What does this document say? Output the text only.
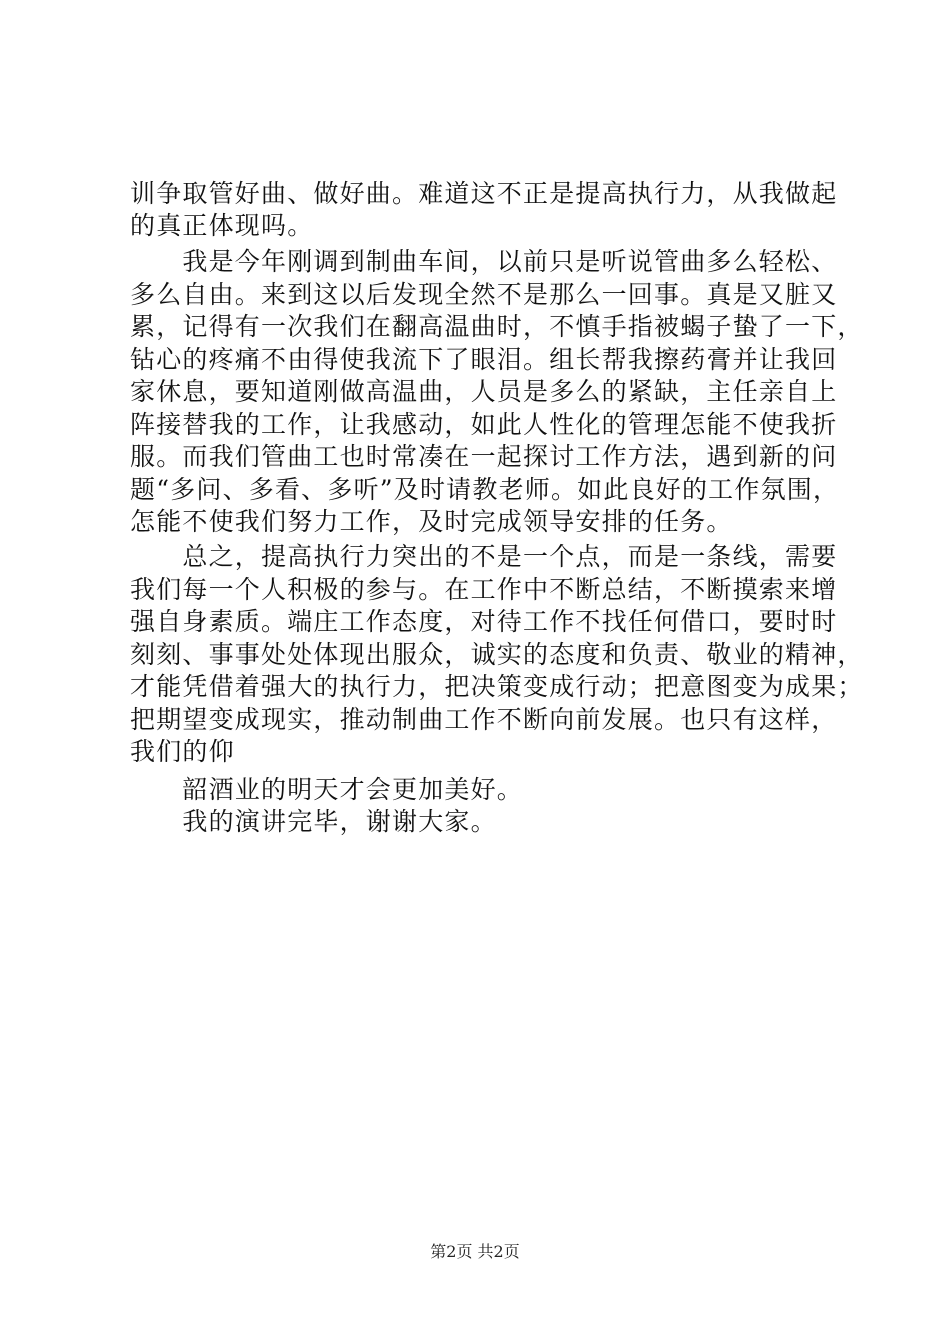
训争取管好曲、做好曲。难道这不正是提高执行力，从我做起
的真正体现吗。
　　我是今年刚调到制曲车间，以前只是听说管曲多么轻松、
多么自由。来到这以后发现全然不是那么一回事。真是又脏又
累，记得有一次我们在翻高温曲时，不慎手指被蝎子蛰了一下，
钻心的疼痛不由得使我流下了眼泪。组长帮我擦药膏并让我回
家休息，要知道刚做高温曲，人员是多么的紧缺，主任亲自上
阵接替我的工作，让我感动，如此人性化的管理怎能不使我折
服。而我们管曲工也时常凑在一起探讨工作方法，遇到新的问
题“多问、多看、多听”及时请教老师。如此良好的工作氛围，
怎能不使我们努力工作，及时完成领导安排的任务。
　　总之，提高执行力突出的不是一个点，而是一条线，需要
我们每一个人积极的参与。在工作中不断总结，不断摸索来增
强自身素质。端庄工作态度，对待工作不找任何借口，要时时
刻刻、事事处处体现出服众，诚实的态度和负责、敬业的精神，
才能凭借着强大的执行力，把决策变成行动；把意图变为成果；
把期望变成现实，推动制曲工作不断向前发展。也只有这样，
我们的仰
　　韶酒业的明天才会更加美好。
　　我的演讲完毕，谢谢大家。
第2页 共2页
